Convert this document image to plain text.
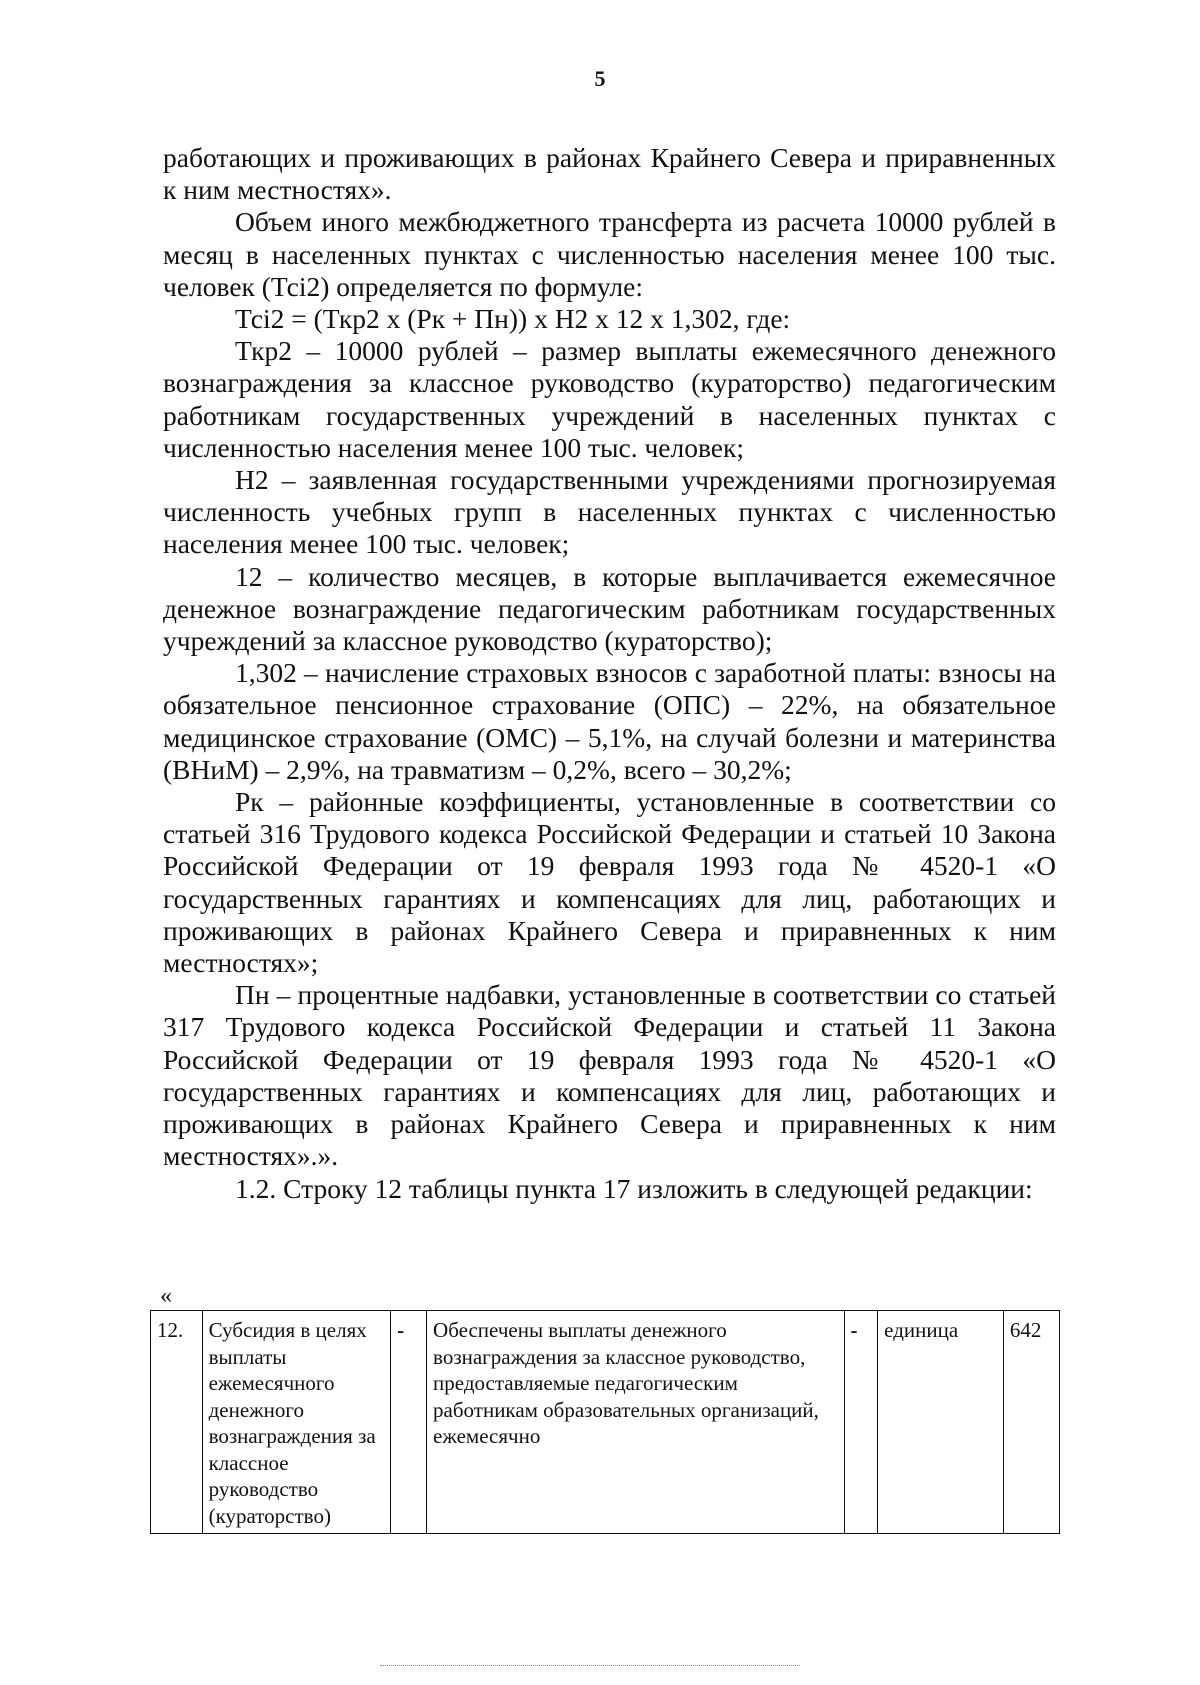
5

работающих и проживающих в районах Крайнего Севера и приравненных к ним местностях».

Объем иного межбюджетного трансферта из расчета 10000 рублей в месяц в населенных пунктах с численностью населения менее 100 тыс. человек (Тсi2) определяется по формуле:

Тсi2 = (Ткр2 х (Рк + Пн)) х Н2 х 12 х 1,302, где:

Ткр2 – 10000 рублей – размер выплаты ежемесячного денежного вознаграждения за классное руководство (кураторство) педагогическим работникам государственных учреждений в населенных пунктах с численностью населения менее 100 тыс. человек;

Н2 – заявленная государственными учреждениями прогнозируемая численность учебных групп в населенных пунктах с численностью населения менее 100 тыс. человек;

12 – количество месяцев, в которые выплачивается ежемесячное денежное вознаграждение педагогическим работникам государственных учреждений за классное руководство (кураторство);

1,302 – начисление страховых взносов с заработной платы: взносы на обязательное пенсионное страхование (ОПС) – 22%, на обязательное медицинское страхование (ОМС) – 5,1%, на случай болезни и материнства (ВНиМ) – 2,9%, на травматизм – 0,2%, всего – 30,2%;

Рк – районные коэффициенты, установленные в соответствии со статьей 316 Трудового кодекса Российской Федерации и статьей 10 Закона Российской Федерации от 19 февраля 1993 года № 4520-1 «О государственных гарантиях и компенсациях для лиц, работающих и проживающих в районах Крайнего Севера и приравненных к ним местностях»;

Пн – процентные надбавки, установленные в соответствии со статьей 317 Трудового кодекса Российской Федерации и статьей 11 Закона Российской Федерации от 19 февраля 1993 года № 4520-1 «О государственных гарантиях и компенсациях для лиц, работающих и проживающих в районах Крайнего Севера и приравненных к ним местностях».».

1.2. Строку 12 таблицы пункта 17 изложить в следующей редакции:

«
12.	Субсидия в целях выплаты ежемесячного денежного вознаграждения за классное руководство (кураторство)	-	Обеспечены выплаты денежного вознаграждения за классное руководство, предоставляемые педагогическим работникам образовательных организаций, ежемесячно	-	единица	642
